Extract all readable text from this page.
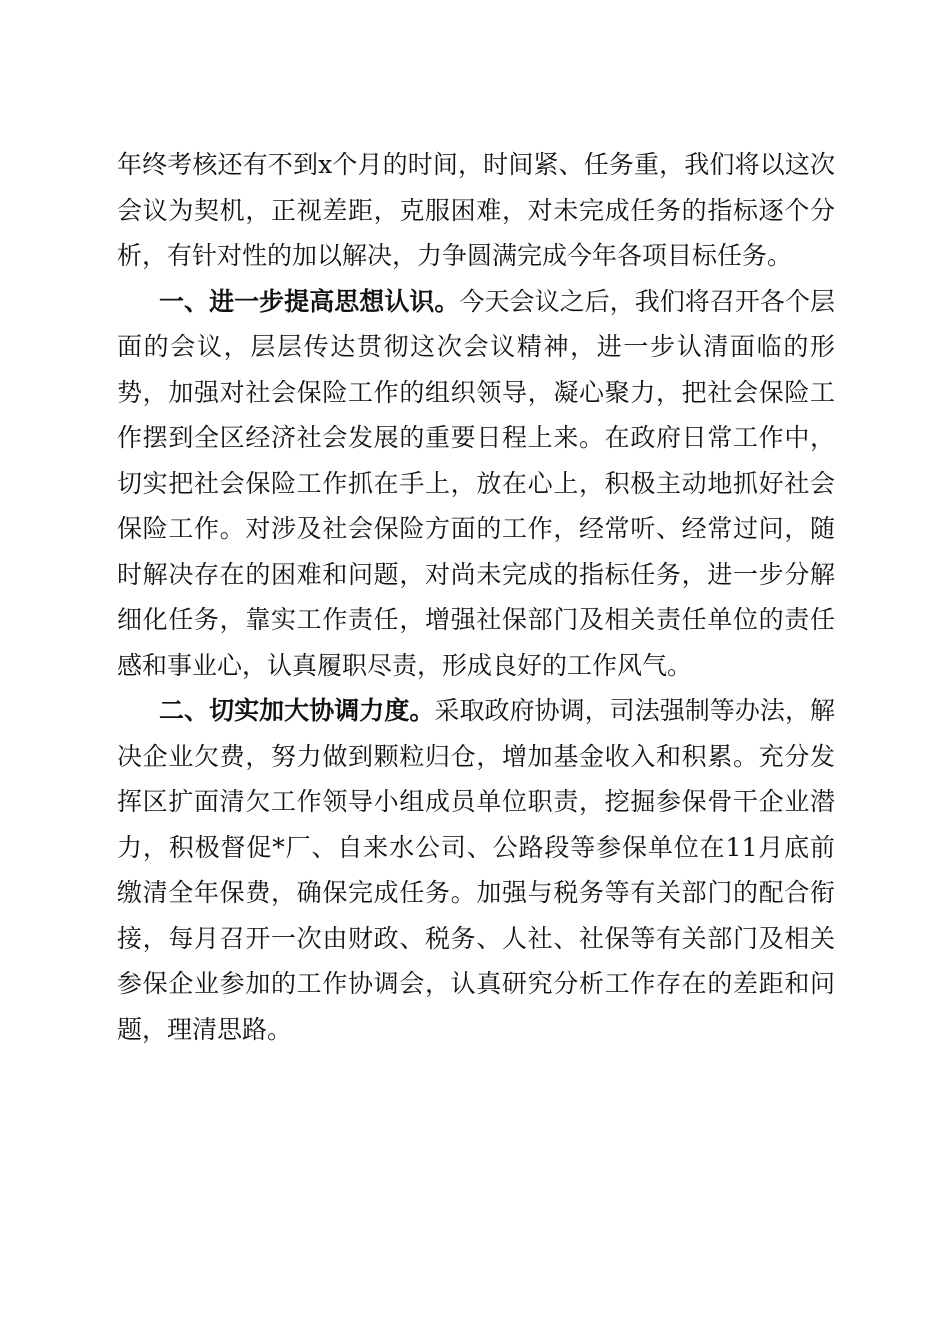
年终考核还有不到x个月的时间，时间紧、任务重，我们将以这次会议为契机，正视差距，克服困难，对未完成任务的指标逐个分析，有针对性的加以解决，力争圆满完成今年各项目标任务。

一、进一步提高思想认识。今天会议之后，我们将召开各个层面的会议，层层传达贯彻这次会议精神，进一步认清面临的形势，加强对社会保险工作的组织领导，凝心聚力，把社会保险工作摆到全区经济社会发展的重要日程上来。在政府日常工作中，切实把社会保险工作抓在手上，放在心上，积极主动地抓好社会保险工作。对涉及社会保险方面的工作，经常听、经常过问，随时解决存在的困难和问题，对尚未完成的指标任务，进一步分解细化任务，靠实工作责任，增强社保部门及相关责任单位的责任感和事业心，认真履职尽责，形成良好的工作风气。

二、切实加大协调力度。采取政府协调，司法强制等办法，解决企业欠费，努力做到颗粒归仓，增加基金收入和积累。充分发挥区扩面清欠工作领导小组成员单位职责，挖掘参保骨干企业潜力，积极督促*厂、自来水公司、公路段等参保单位在11月底前缴清全年保费，确保完成任务。加强与税务等有关部门的配合衔接，每月召开一次由财政、税务、人社、社保等有关部门及相关参保企业参加的工作协调会，认真研究分析工作存在的差距和问题，理清思路。
